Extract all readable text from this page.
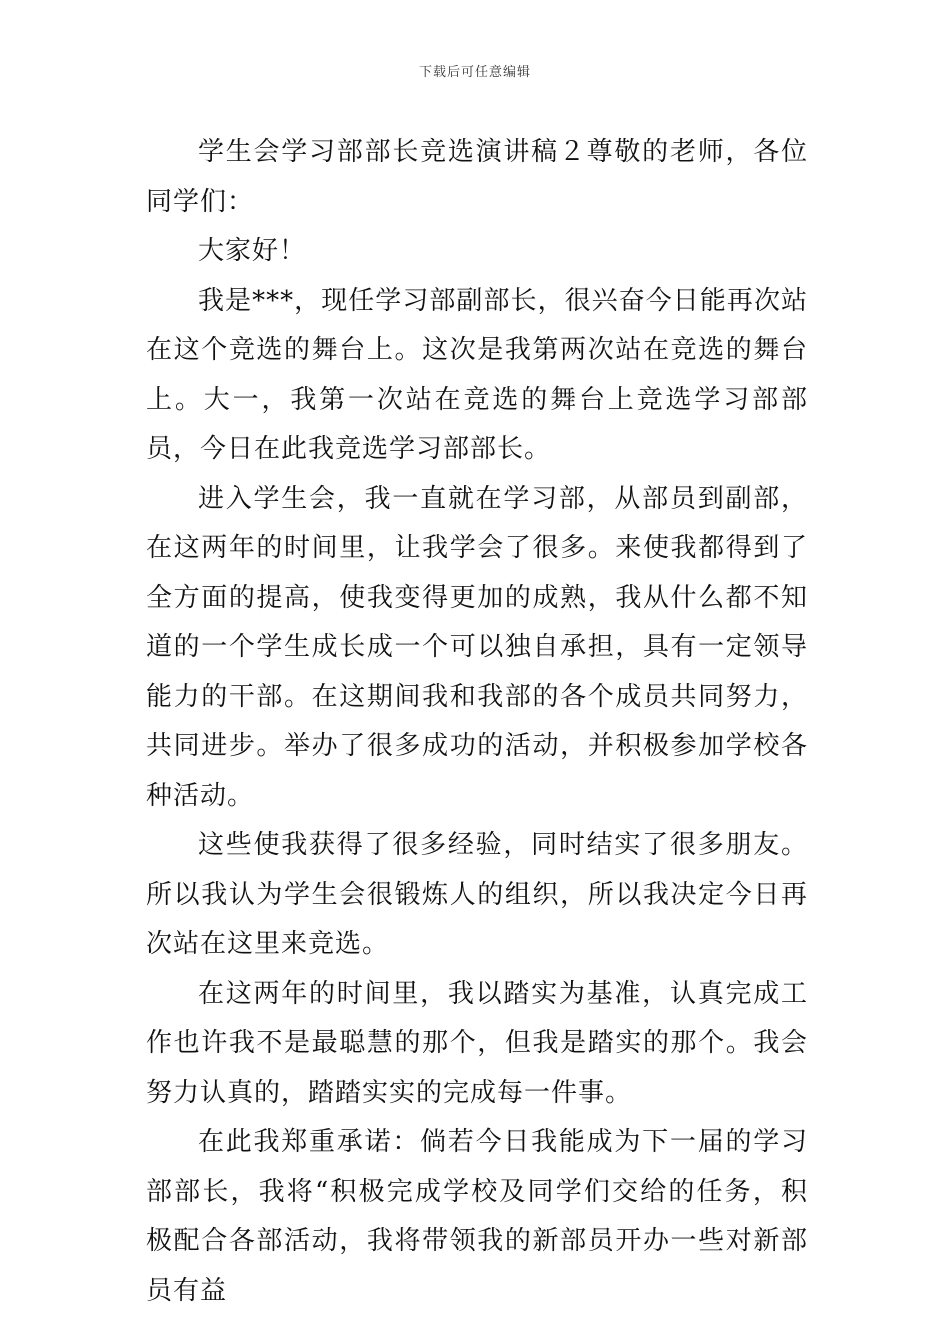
下载后可任意编辑

学生会学习部部长竞选演讲稿２尊敬的老师，各位同学们：

大家好！

我是***，现任学习部副部长，很兴奋今日能再次站在这个竞选的舞台上。这次是我第两次站在竞选的舞台上。大一，我第一次站在竞选的舞台上竞选学习部部员，今日在此我竞选学习部部长。

进入学生会，我一直就在学习部，从部员到副部，在这两年的时间里，让我学会了很多。来使我都得到了全方面的提高，使我变得更加的成熟，我从什么都不知道的一个学生成长成一个可以独自承担，具有一定领导能力的干部。在这期间我和我部的各个成员共同努力，共同进步。举办了很多成功的活动，并积极参加学校各种活动。

这些使我获得了很多经验，同时结实了很多朋友。所以我认为学生会很锻炼人的组织，所以我决定今日再次站在这里来竞选。

在这两年的时间里，我以踏实为基准，认真完成工作也许我不是最聪慧的那个，但我是踏实的那个。我会努力认真的，踏踏实实的完成每一件事。

在此我郑重承诺：倘若今日我能成为下一届的学习部部长，我将“积极完成学校及同学们交给的任务，积极配合各部活动，我将带领我的新部员开办一些对新部员有益
